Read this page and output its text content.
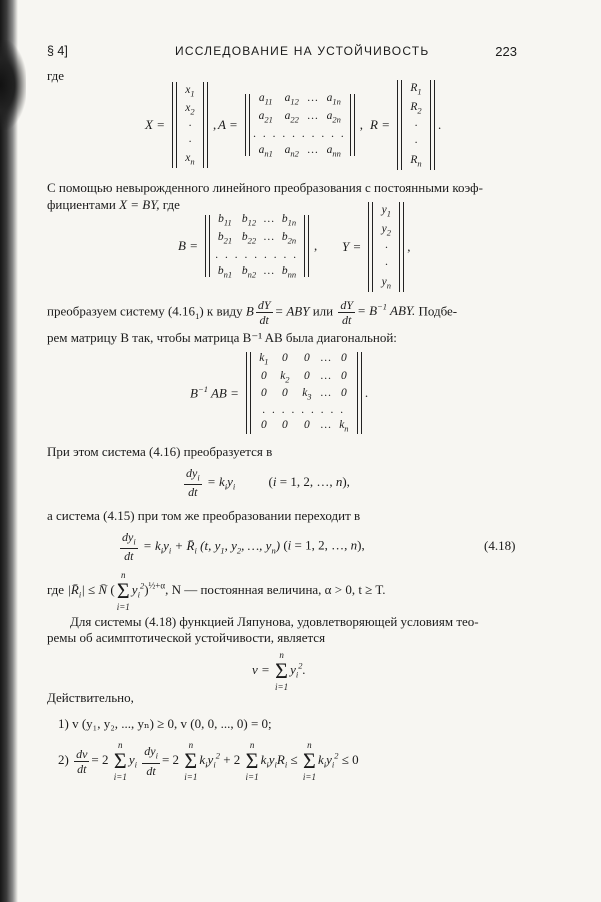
§ 4]	ИССЛЕДОВАНИЕ НА УСТОЙЧИВОСТЬ	223
где
X =
$x_1$
$x_2$
·
·
$x_n$
, A =
$a_{11}$	$a_{12}$ … $a_{1n}$
$a_{21}$	$a_{22}$ … $a_{2n}$
. . . . . . . . . .
$a_{n1}$	$a_{n2}$ … $a_{nn}$
, R =
$R_1$
$R_2$
·
·
$R_n$
.
С помощью невырожденного линейного преобразования с постоянными коэф-
фициентами X = BY, где
B =
$b_{11}$ $b_{12}$ … $b_{1n}$
$b_{21}$ $b_{22}$ … $b_{2n}$
. . . . . . . . .
$b_{n1}$ $b_{n2}$ … $b_{nn}$
, Y =
$y_1$
$y_2$
·
·
$y_n$
,
преобразуем систему $(4.16_1)$ к виду B $\frac{dY}{dt}$ = ABY или $\frac{dY}{dt} = B^{-1}$ ABY. Подбе-
рем матрицу B так, чтобы матрица B⁻¹ AB была диагональной:
$B^{-1}$ AB =
$k_1$	0	0 … 0
0	$k_2$	0 … 0
0	0	$k_3$ … 0
. . . . . . . . .
0	0	0 … $k_n$
.
При этом система (4.16) преобразуется в
$\frac{dy_i}{dt} = k_iy_i$	(i = 1, 2, …, n),
а система (4.15) при том же преобразовании переходит в
$\frac{dy_i}{dt} = k_iy_i$ + $R̄_i$ (t, $y_1$, $y_2$, …, $y_n$) (i = 1, 2, …, n),	(4.18)
где $|R̄_i|$ ≤ N̄ (
n
Σ
i=1
$y_i^2)^{\frac{1}{2}+\alpha}$, N — постоянная величина, α > 0, t ≥ T.
Для системы (4.18) функцией Ляпунова, удовлетворяющей условиям тео-
ремы об асимптотической устойчивости, является
v =
n
Σ
i=1
$y_i^2$.
Действительно,
1) v (y₁, y₂, ..., yₙ) ≥ 0, v (0, 0, ..., 0) = 0;
$2) \frac{dv}{dt} = 2$
n
Σ
i=1
$y_i \frac{dy_i}{dt} = 2$
n
Σ
i=1
$k_iy_i^2 + 2$
n
Σ
i=1
$k_iy_iR_i$ ≤
n
Σ
i=1
$k_iy_i^2 \le 0$
